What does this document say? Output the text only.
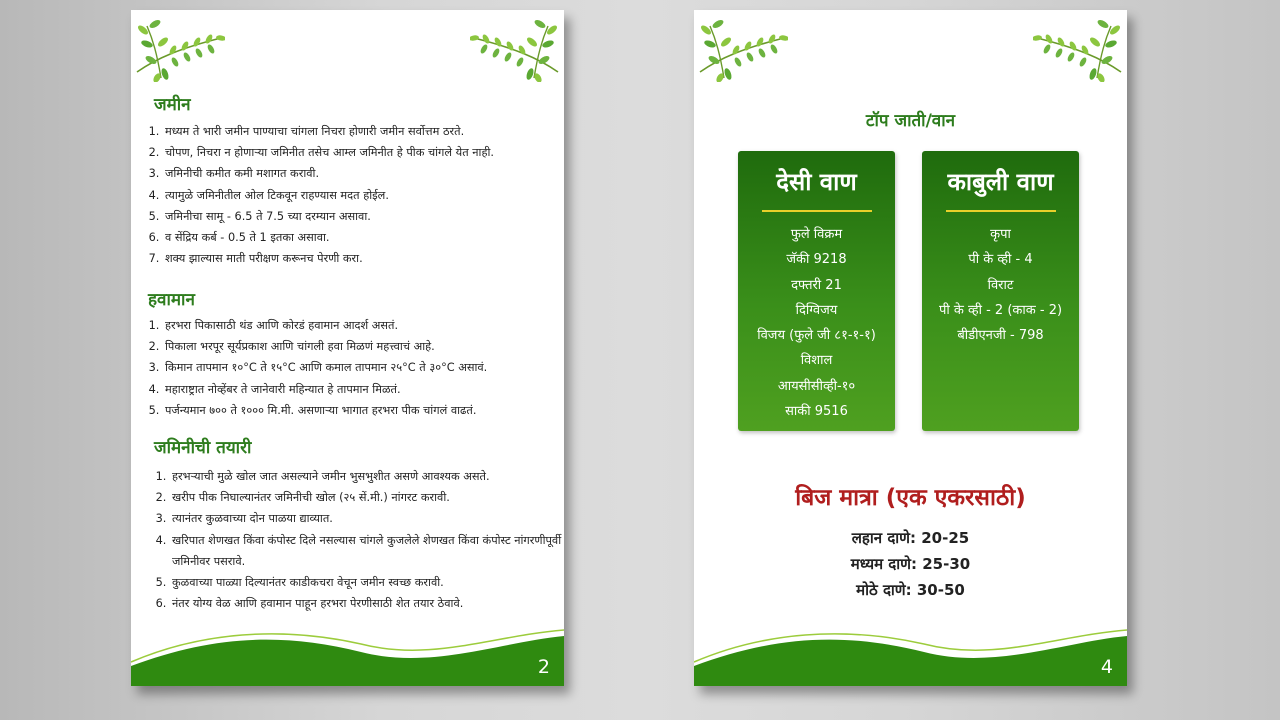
जमीन
1. मध्यम ते भारी जमीन पाण्याचा चांगला निचरा होणारी जमीन सर्वोत्तम ठरते.
2. चोपण, निचरा न होणाऱ्या जमिनीत तसेच आम्ल जमिनीत हे पीक चांगले येत नाही.
3. जमिनीची कमीत कमी मशागत करावी.
4. त्यामुळे जमिनीतील ओल टिकवून राहण्यास मदत होईल.
5. जमिनीचा सामू - 6.5 ते 7.5 च्या दरम्यान असावा.
6. व सेंद्रिय कर्ब - 0.5 ते 1 इतका असावा.
7. शक्य झाल्यास माती परीक्षण करूनच पेरणी करा.
हवामान
1. हरभरा पिकासाठी थंड आणि कोरडं हवामान आदर्श असतं.
2. पिकाला भरपूर सूर्यप्रकाश आणि चांगली हवा मिळणं महत्त्वाचं आहे.
3. किमान तापमान १०°C ते १५°C आणि कमाल तापमान २५°C ते ३०°C असावं.
4. महाराष्ट्रात नोव्हेंबर ते जानेवारी महिन्यात हे तापमान मिळतं.
5. पर्जन्यमान ७०० ते १००० मि.मी. असणाऱ्या भागात हरभरा पीक चांगलं वाढतं.
जमिनीची तयारी
1. हरभऱ्याची मुळे खोल जात असल्याने जमीन भुसभुशीत असणे आवश्यक असते.
2. खरीप पीक निघाल्यानंतर जमिनीची खोल (२५ सें.मी.) नांगरट करावी.
3. त्यानंतर कुळवाच्या दोन पाळया द्याव्यात.
4. खरिपात शेणखत किंवा कंपोस्ट दिले नसल्यास चांगले कुजलेले शेणखत किंवा कंपोस्ट नांगरणीपूर्वी जमिनीवर पसरावे.
5. कुळवाच्या पाळ्या दिल्यानंतर काडीकचरा वेचून जमीन स्वच्छ करावी.
6. नंतर योग्य वेळ आणि हवामान पाहून हरभरा पेरणीसाठी शेत तयार ठेवावे.
2
टॉप जाती/वान
देसी वाण
फुले विक्रम
जॅकी 9218
दफ्तरी 21
दिग्विजय
विजय (फुले जी ८१-१-१)
विशाल
आयसीसीव्ही-१०
साकी 9516
काबुली वाण
कृपा
पी के व्ही - 4
विराट
पी के व्ही - 2 (काक - 2)
बीडीएनजी - 798
बिज मात्रा (एक एकरसाठी)
लहान दाणे: 20-25
मध्यम दाणे: 25-30
मोठे दाणे: 30-50
4
